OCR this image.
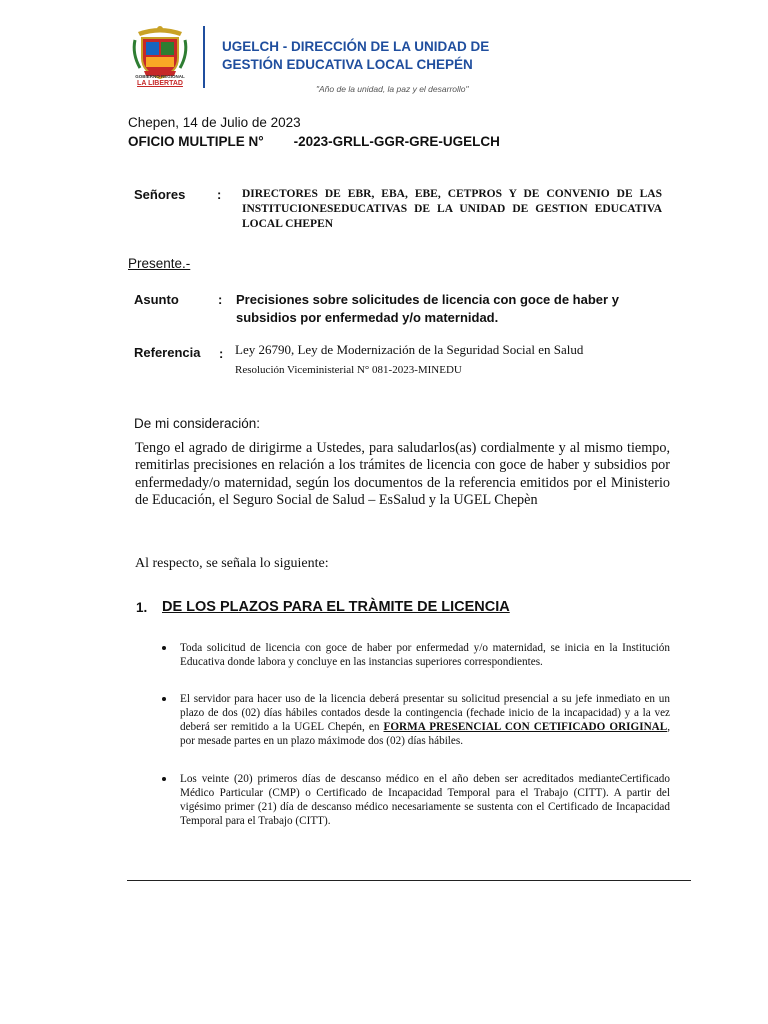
GOBIERNO REGIONAL
LA LIBERTAD
UGELCH - DIRECCIÓN DE LA UNIDAD DE
GESTIÓN EDUCATIVA LOCAL CHEPÉN
"Año de la unidad, la paz y el desarrollo"
Chepen, 14 de Julio de 2023
OFICIO MULTIPLE N° -2023-GRLL-GGR-GRE-UGELCH
Señores : DIRECTORES DE EBR, EBA, EBE, CETPROS Y DE CONVENIO DE LAS INSTITUCIONESEDUCATIVAS DE LA UNIDAD DE GESTION EDUCATIVA LOCAL CHEPEN
Presente.-
Asunto	: Precisiones sobre solicitudes de licencia con goce de haber y subsidios por enfermedad y/o maternidad.
Referencia : Ley 26790, Ley de Modernización de la Seguridad Social en Salud
Resolución Viceministerial N° 081-2023-MINEDU
De mi consideración:
Tengo el agrado de dirigirme a Ustedes, para saludarlos(as) cordialmente y al mismo tiempo, remitirlas precisiones en relación a los trámites de licencia con goce de haber y subsidios por enfermedady/o maternidad, según los documentos de la referencia emitidos por el Ministerio de Educación, el Seguro Social de Salud – EsSalud y la UGEL Chepèn
Al respecto, se señala lo siguiente:
1. DE LOS PLAZOS PARA EL TRÀMITE DE LICENCIA
Toda solicitud de licencia con goce de haber por enfermedad y/o maternidad, se inicia en la Institución Educativa donde labora y concluye en las instancias superiores correspondientes.
El servidor para hacer uso de la licencia deberá presentar su solicitud presencial a su jefe inmediato en un plazo de dos (02) días hábiles contados desde la contingencia (fechade inicio de la incapacidad) y a la vez deberá ser remitido a la UGEL Chepén, en FORMA PRESENCIAL CON CETIFICADO ORIGINAL, por mesade partes en un plazo máximode dos (02) días hábiles.
Los veinte (20) primeros días de descanso médico en el año deben ser acreditados medianteCertificado Médico Particular (CMP) o Certificado de Incapacidad Temporal para el Trabajo (CITT). A partir del vigésimo primer (21) día de descanso médico necesariamente se sustenta con el Certificado de Incapacidad Temporal para el Trabajo (CITT).
